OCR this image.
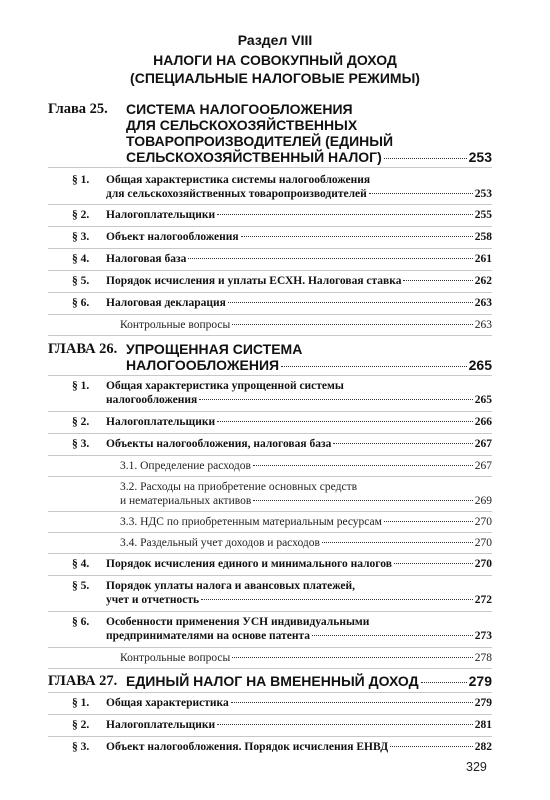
Раздел VIII
НАЛОГИ НА СОВОКУПНЫЙ ДОХОД
(СПЕЦИАЛЬНЫЕ НАЛОГОВЫЕ РЕЖИМЫ)
Глава 25. СИСТЕМА НАЛОГООБЛОЖЕНИЯ
ДЛЯ СЕЛЬСКОХОЗЯЙСТВЕННЫХ
ТОВАРОПРОИЗВОДИТЕЛЕЙ (ЕДИНЫЙ
СЕЛЬСКОХОЗЯЙСТВЕННЫЙ НАЛОГ)	253
§ 1. Общая характеристика системы налогообложения
для сельскохозяйственных товаропроизводителей	253
§ 2. Налогоплательщики	255
§ 3. Объект налогообложения	258
§ 4. Налоговая база	261
§ 5. Порядок исчисления и уплаты ЕСХН. Налоговая ставка	262
§ 6. Налоговая декларация	263
Контрольные вопросы	263
ГЛАВА 26. УПРОЩЕННАЯ СИСТЕМА
НАЛОГООБЛОЖЕНИЯ	265
§ 1. Общая характеристика упрощенной системы
налогообложения	265
§ 2. Налогоплательщики	266
§ 3. Объекты налогообложения, налоговая база	267
3.1. Определение расходов	267
3.2. Расходы на приобретение основных средств
и нематериальных активов	269
3.3. НДС по приобретенным материальным ресурсам	270
3.4. Раздельный учет доходов и расходов	270
§ 4. Порядок исчисления единого и минимального налогов	270
§ 5. Порядок уплаты налога и авансовых платежей,
учет и отчетность	272
§ 6. Особенности применения УСН индивидуальными
предпринимателями на основе патента	273
Контрольные вопросы	278
ГЛАВА 27. ЕДИНЫЙ НАЛОГ НА ВМЕНЕННЫЙ ДОХОД	279
§ 1. Общая характеристика	279
§ 2. Налогоплательщики	281
§ 3. Объект налогообложения. Порядок исчисления ЕНВД	282
329
